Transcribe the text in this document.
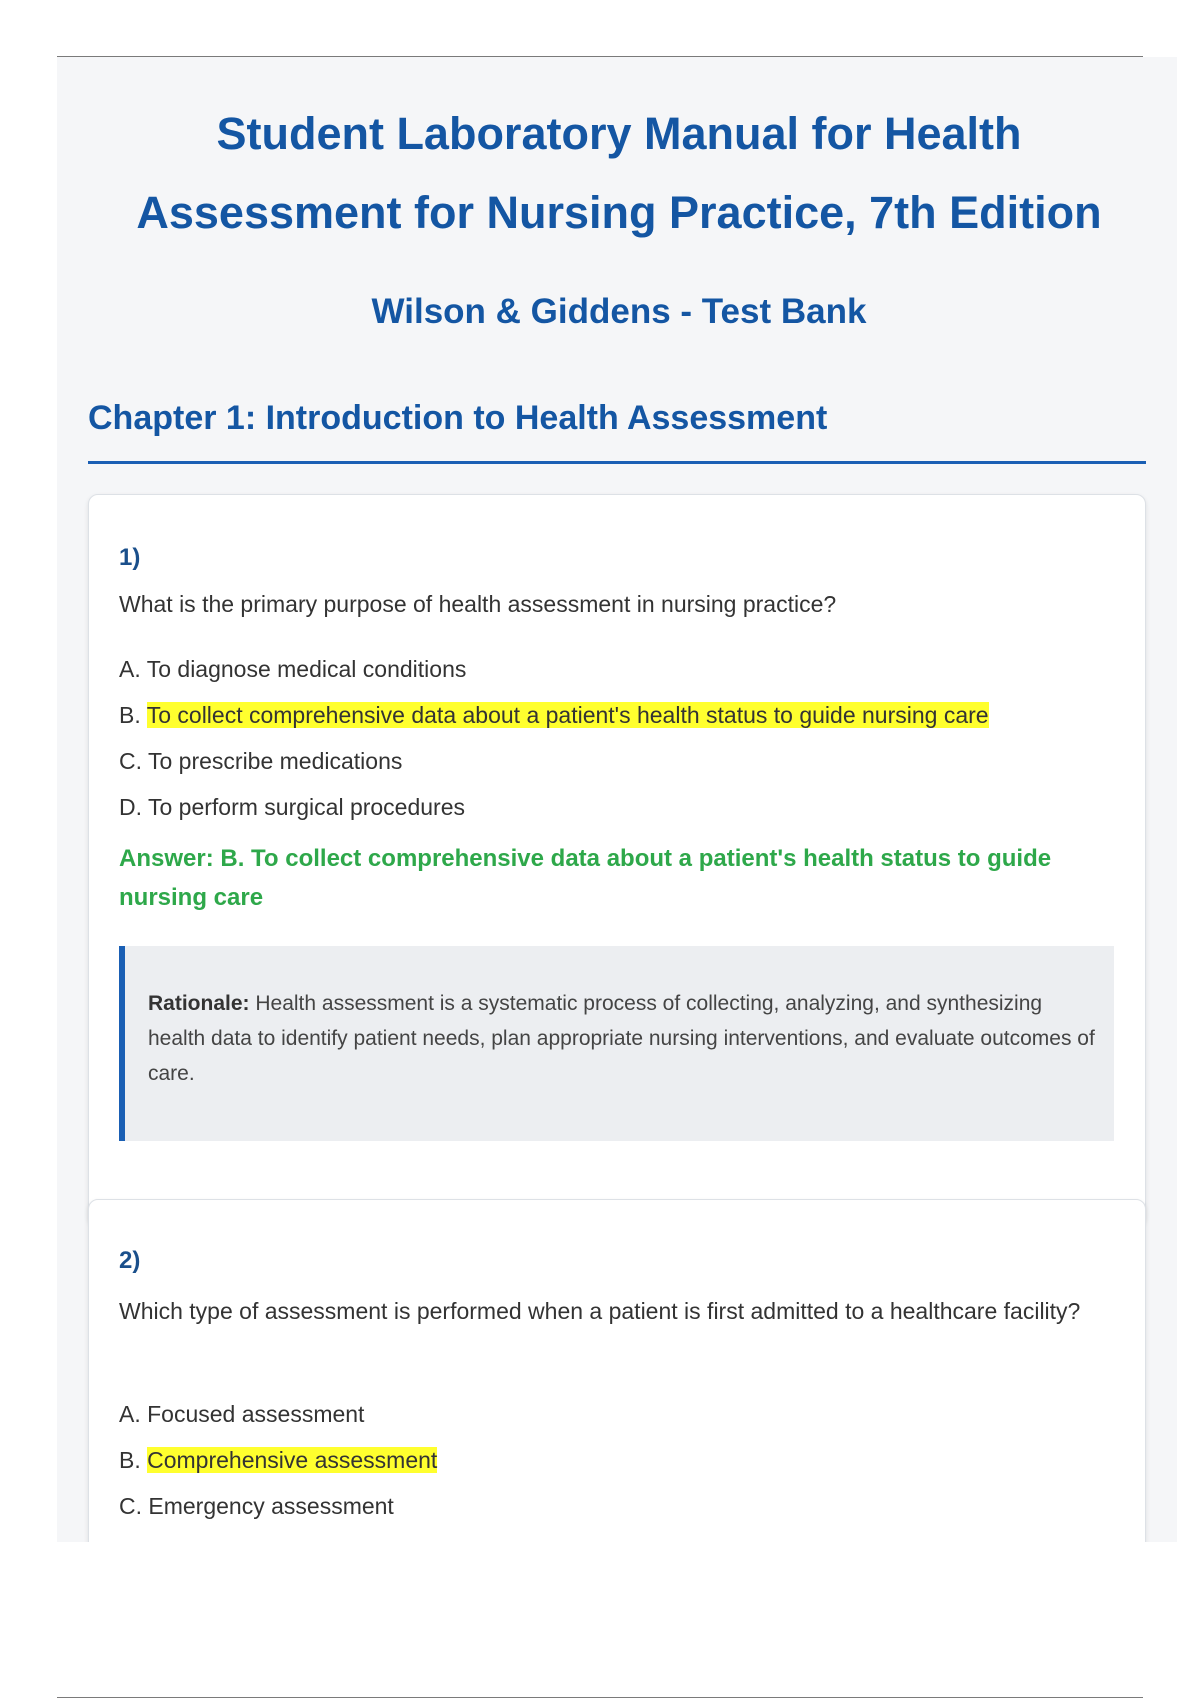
Student Laboratory Manual for Health
Assessment for Nursing Practice, 7th Edition
Wilson & Giddens - Test Bank
Chapter 1: Introduction to Health Assessment

1)

What is the primary purpose of health assessment in nursing practice?

A. To diagnose medical conditions
B. To collect comprehensive data about a patient's health status to guide nursing care
C. To prescribe medications
D. To perform surgical procedures

Answer: B. To collect comprehensive data about a patient's health status to guide nursing care

Rationale: Health assessment is a systematic process of collecting, analyzing, and synthesizing health data to identify patient needs, plan appropriate nursing interventions, and evaluate outcomes of care.

2)

Which type of assessment is performed when a patient is first admitted to a healthcare facility?

A. Focused assessment
B. Comprehensive assessment
C. Emergency assessment
